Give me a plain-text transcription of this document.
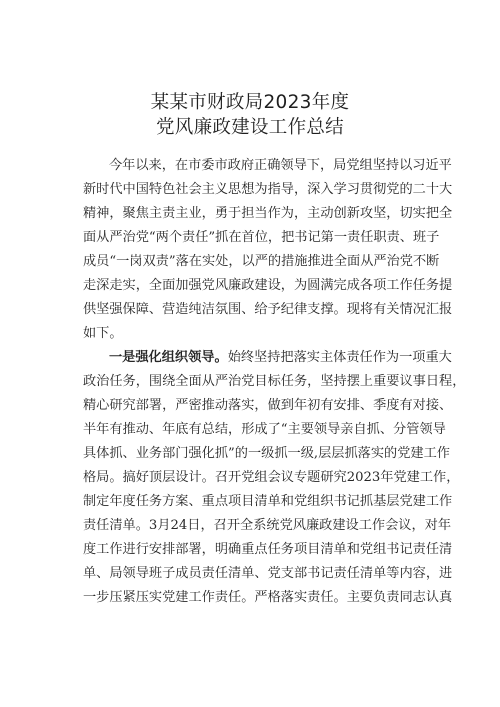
某某市财政局2023年度
党风廉政建设工作总结
今年以来，在市委市政府正确领导下，局党组坚持以习近平
新时代中国特色社会主义思想为指导，深入学习贯彻党的二十大
精神，聚焦主责主业，勇于担当作为，主动创新攻坚，切实把全
面从严治党“两个责任”抓在首位，把书记第一责任职责、班子
成员“一岗双责”落在实处，以严的措施推进全面从严治党不断
走深走实，全面加强党风廉政建设，为圆满完成各项工作任务提
供坚强保障、营造纯洁氛围、给予纪律支撑。现将有关情况汇报
如下。
一是强化组织领导。始终坚持把落实主体责任作为一项重大
政治任务，围绕全面从严治党目标任务，坚持摆上重要议事日程，
精心研究部署，严密推动落实，做到年初有安排、季度有对接、
半年有推动、年底有总结，形成了“主要领导亲自抓、分管领导
具体抓、业务部门强化抓”的一级抓一级,层层抓落实的党建工作
格局。搞好顶层设计。召开党组会议专题研究2023年党建工作，
制定年度任务方案、重点项目清单和党组织书记抓基层党建工作
责任清单。3月24日，召开全系统党风廉政建设工作会议，对年
度工作进行安排部署，明确重点任务项目清单和党组书记责任清
单、局领导班子成员责任清单、党支部书记责任清单等内容，进
一步压紧压实党建工作责任。严格落实责任。主要负责同志认真
